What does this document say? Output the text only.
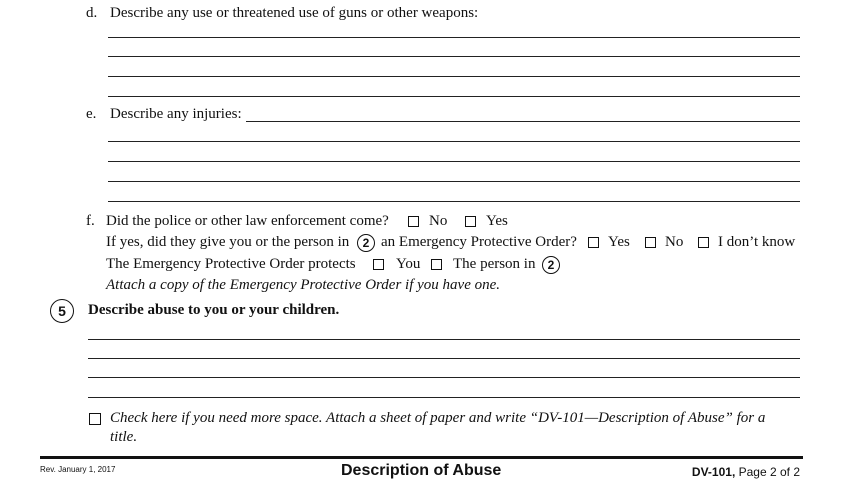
d. Describe any use or threatened use of guns or other weapons:
e. Describe any injuries:
f. Did the police or other law enforcement come?	No	Yes
If yes, did they give you or the person in 2 an Emergency Protective Order? Yes No I don’t know
The Emergency Protective Order protects	You The person in 2
Attach a copy of the Emergency Protective Order if you have one.
5 Describe abuse to you or your children.
Check here if you need more space. Attach a sheet of paper and write “DV-101—Description of Abuse” for a
title.
Rev. January 1, 2017	Description of Abuse	DV-101, Page 2 of 2
